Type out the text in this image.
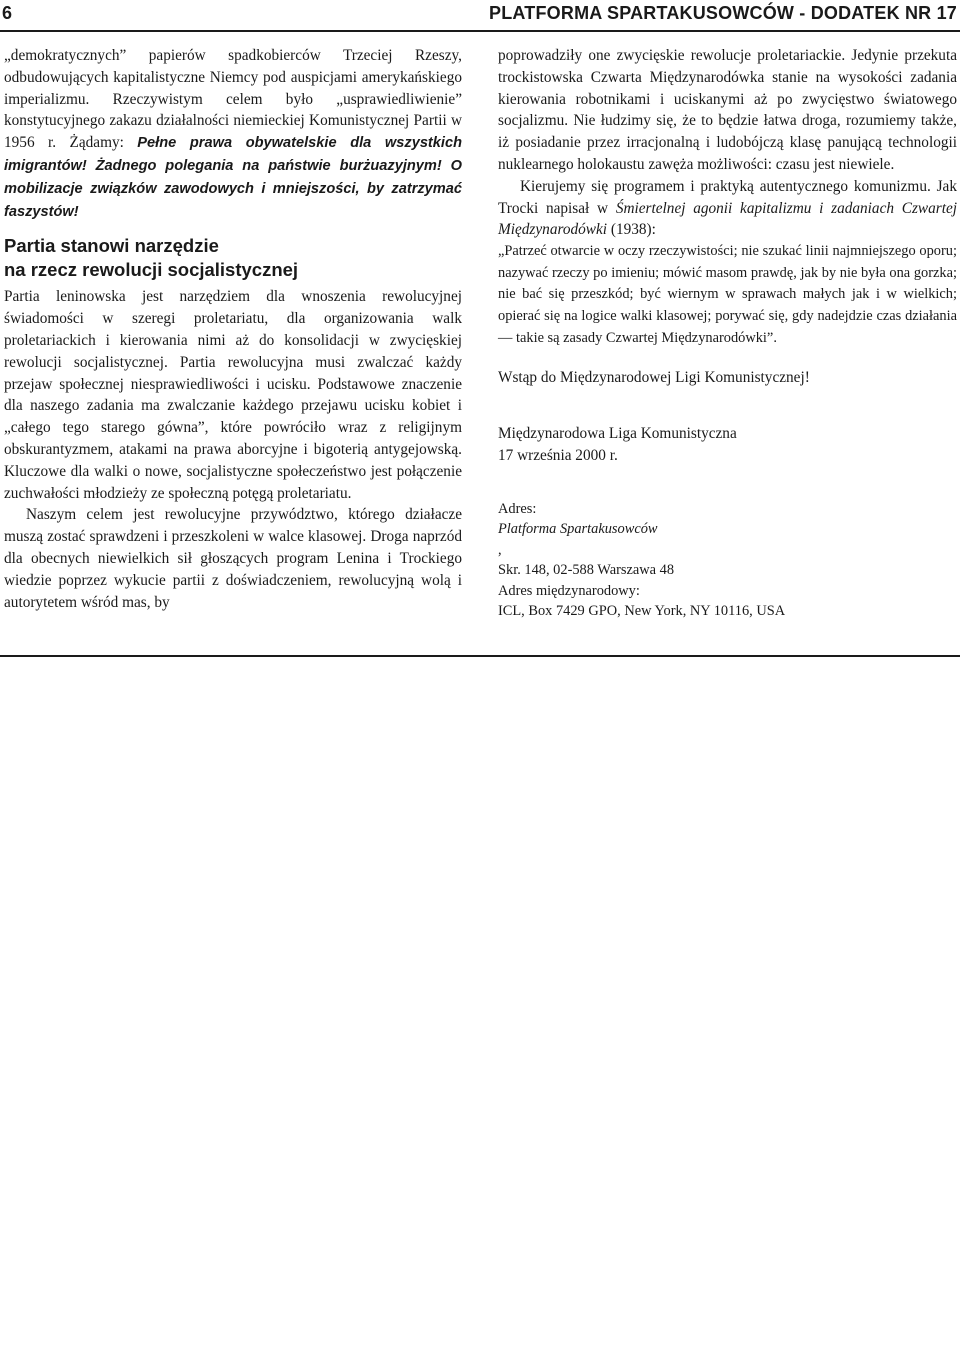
6	PLATFORMA SPARTAKUSOWCÓW - DODATEK NR 17

„demokratycznych” papierów spadkobierców Trzeciej Rzeszy, odbudowujących kapitalistyczne Niemcy pod auspicjami amerykańskiego imperializmu. Rzeczywistym celem było „usprawiedliwienie” konstytucyjnego zakazu działalności niemieckiej Komunistycznej Partii w 1956 r. Żądamy: Pełne prawa obywatelskie dla wszystkich imigrantów! Żadnego polegania na państwie burżuazyjnym! O mobilizacje związków zawodowych i mniejszości, by zatrzymać faszystów!

Partia stanowi narzędzie
na rzecz rewolucji socjalistycznej

Partia leninowska jest narzędziem dla wnoszenia rewolucyjnej świadomości w szeregi proletariatu, dla organizowania walk proletariackich i kierowania nimi aż do konsolidacji w zwycięskiej rewolucji socjalistycznej. Partia rewolucyjna musi zwalczać każdy przejaw społecznej niesprawiedliwości i ucisku. Podstawowe znaczenie dla naszego zadania ma zwalczanie każdego przejawu ucisku kobiet i „całego tego starego gówna”, które powróciło wraz z religijnym obskurantyzmem, atakami na prawa aborcyjne i bigoterią antygejowską. Kluczowe dla walki o nowe, socjalistyczne społeczeństwo jest połączenie zuchwałości młodzieży ze społeczną potęgą proletariatu.

Naszym celem jest rewolucyjne przywództwo, którego działacze muszą zostać sprawdzeni i przeszkoleni w walce klasowej. Droga naprzód dla obecnych niewielkich sił głoszących program Lenina i Trockiego wiedzie poprzez wykucie partii z doświadczeniem, rewolucyjną wolą i autorytetem wśród mas, by

poprowadziły one zwycięskie rewolucje proletariackie. Jedynie przekuta trockistowska Czwarta Międzynarodówka stanie na wysokości zadania kierowania robotnikami i uciskanymi aż po zwycięstwo światowego socjalizmu. Nie łudzimy się, że to będzie łatwa droga, rozumiemy także, iż posiadanie przez irracjonalną i ludobójczą klasę panującą technologii nuklearnego holokaustu zawęża możliwości: czasu jest niewiele.

Kierujemy się programem i praktyką autentycznego komunizmu. Jak Trocki napisał w Śmiertelnej agonii kapitalizmu i zadaniach Czwartej Międzynarodówki (1938):

„Patrzeć otwarcie w oczy rzeczywistości; nie szukać linii najmniejszego oporu; nazywać rzeczy po imieniu; mówić masom prawdę, jak by nie była ona gorzka; nie bać się przeszkód; być wiernym w sprawach małych jak i w wielkich; opierać się na logice walki klasowej; porywać się, gdy nadejdzie czas działania — takie są zasady Czwartej Międzynarodówki”.

Wstąp do Międzynarodowej Ligi Komunistycznej!

Międzynarodowa Liga Komunistyczna
17 września 2000 r.

Adres:
Platforma Spartakusowców
,
Skr. 148, 02-588 Warszawa 48
Adres międzynarodowy:
ICL, Box 7429 GPO, New York, NY 10116, USA
